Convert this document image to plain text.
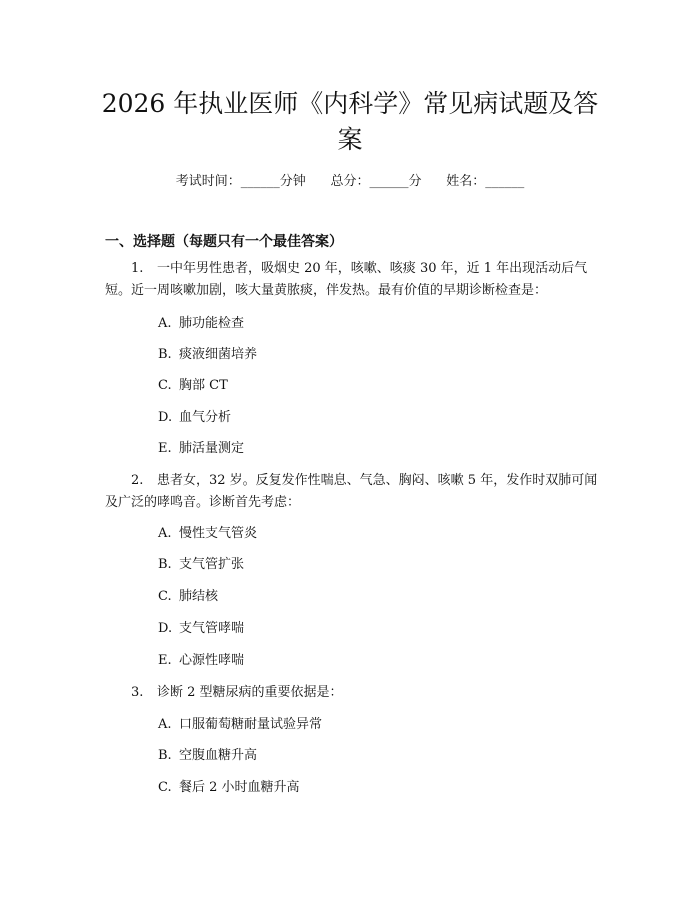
2026 年执业医师《内科学》常见病试题及答
案
考试时间：______分钟      总分：______分      姓名：______
一、选择题（每题只有一个最佳答案）
1. 一中年男性患者，吸烟史 20 年，咳嗽、咳痰 30 年，近 1 年出现活动后气短。近一周咳嗽加剧，咳大量黄脓痰，伴发热。最有价值的早期诊断检查是：
A. 肺功能检查
B. 痰液细菌培养
C. 胸部 CT
D. 血气分析
E. 肺活量测定
2. 患者女，32 岁。反复发作性喘息、气急、胸闷、咳嗽 5 年，发作时双肺可闻及广泛的哮鸣音。诊断首先考虑：
A. 慢性支气管炎
B. 支气管扩张
C. 肺结核
D. 支气管哮喘
E. 心源性哮喘
3. 诊断 2 型糖尿病的重要依据是：
A. 口服葡萄糖耐量试验异常
B. 空腹血糖升高
C. 餐后 2 小时血糖升高
